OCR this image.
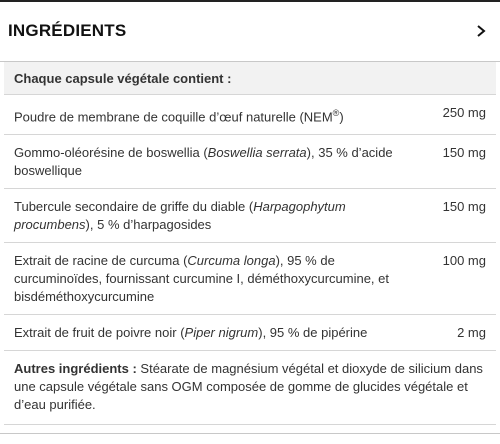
INGRÉDIENTS
Chaque capsule végétale contient :
Poudre de membrane de coquille d’œuf naturelle (NEM®)	250 mg
Gommo-oléorésine de boswellia (Boswellia serrata), 35 % d’acide boswellique	150 mg
Tubercule secondaire de griffe du diable (Harpagophytum procumbens), 5 % d’harpagosides	150 mg
Extrait de racine de curcuma (Curcuma longa), 95 % de curcuminoïdes, fournissant curcumine I, déméthoxycurcumine, et bisdéméthoxycurcumine	100 mg
Extrait de fruit de poivre noir (Piper nigrum), 95 % de pipérine	2 mg
Autres ingrédients : Stéarate de magnésium végétal et dioxyde de silicium dans une capsule végétale sans OGM composée de gomme de glucides végétale et d’eau purifiée.
